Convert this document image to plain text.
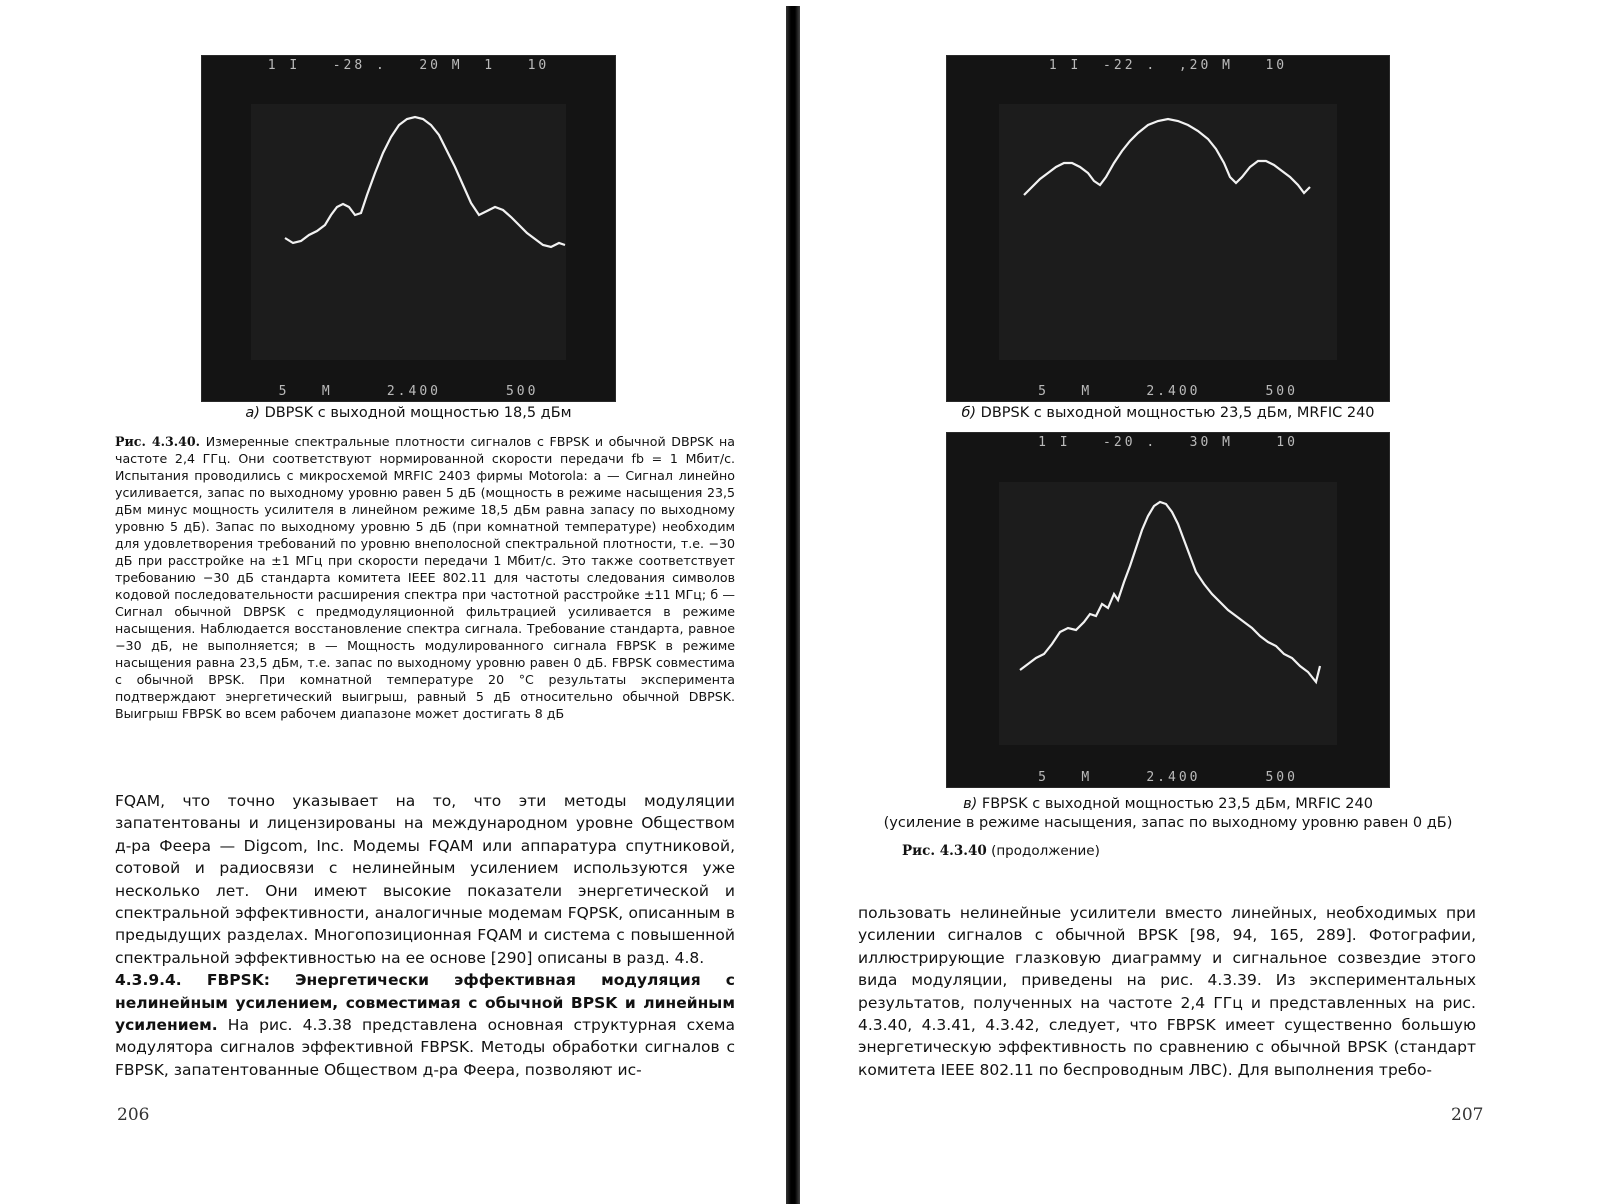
1 I   -28 .   20 M  1   10
5   M     2.400      500
a) DBPSK с выходной мощностью 18,5 дБм
Рис. 4.3.40. Измеренные спектральные плотности сигналов с FBPSK и обычной DBPSK на частоте 2,4 ГГц. Они соответствуют нормированной скорости передачи fb = 1 Мбит/с. Испытания проводились с микросхемой MRFIC 2403 фирмы Motorola: а — Сигнал линейно усиливается, запас по выходному уровню равен 5 дБ (мощность в режиме насыщения 23,5 дБм минус мощность усилителя в линейном режиме 18,5 дБм равна запасу по выходному уровню 5 дБ). Запас по выходному уровню 5 дБ (при комнатной температуре) необходим для удовлетворения требований по уровню внеполосной спектральной плотности, т.е. −30 дБ при расстройке на ±1 МГц при скорости передачи 1 Мбит/с. Это также соответствует требованию −30 дБ стандарта комитета IEEE 802.11 для частоты следования символов кодовой последовательности расширения спектра при частотной расстройке ±11 МГц; б — Сигнал обычной DBPSK с предмодуляционной фильтрацией усиливается в режиме насыщения. Наблюдается восстановление спектра сигнала. Требование стандарта, равное −30 дБ, не выполняется; в — Мощность модулированного сигнала FBPSK в режиме насыщения равна 23,5 дБм, т.е. запас по выходному уровню равен 0 дБ. FBPSK совместима с обычной BPSK. При комнатной температуре 20 °С результаты эксперимента подтверждают энергетический выигрыш, равный 5 дБ относительно обычной DBPSK. Выигрыш FBPSK во всем рабочем диапазоне может достигать 8 дБ

FQAM, что точно указывает на то, что эти методы модуляции запатентованы и лицензированы на международном уровне Обществом д-ра Феера — Digcom, Inc. Модемы FQAM или аппаратура спутниковой, сотовой и радиосвязи с нелинейным усилением используются уже несколько лет. Они имеют высокие показатели энергетической и спектральной эффективности, аналогичные модемам FQPSK, описанным в предыдущих разделах. Многопозиционная FQAM и система с повышенной спектральной эффективностью на ее основе [290] описаны в разд. 4.8.

4.3.9.4. FBPSK: Энергетически эффективная модуляция с нелинейным усилением, совместимая с обычной BPSK и линейным усилением. На рис. 4.3.38 представлена основная структурная схема модулятора сигналов эффективной FBPSK. Методы обработки сигналов с FBPSK, запатентованные Обществом д-ра Феера, позволяют ис-

206
1 I  -22 .  ,20 M   10
5   M     2.400      500
б) DBPSK с выходной мощностью 23,5 дБм, MRFIC 240
1 I   -20 .   30 M    10
5   M     2.400      500
в) FBPSK с выходной мощностью 23,5 дБм, MRFIC 240
(усиление в режиме насыщения, запас по выходному уровню равен 0 дБ)
Рис. 4.3.40 (продолжение)

пользовать нелинейные усилители вместо линейных, необходимых при усилении сигналов с обычной BPSK [98, 94, 165, 289]. Фотографии, иллюстрирующие глазковую диаграмму и сигнальное созвездие этого вида модуляции, приведены на рис. 4.3.39. Из экспериментальных результатов, полученных на частоте 2,4 ГГц и представленных на рис. 4.3.40, 4.3.41, 4.3.42, следует, что FBPSK имеет существенно большую энергетическую эффективность по сравнению с обычной BPSK (стандарт комитета IEEE 802.11 по беспроводным ЛВС). Для выполнения требо-

207
